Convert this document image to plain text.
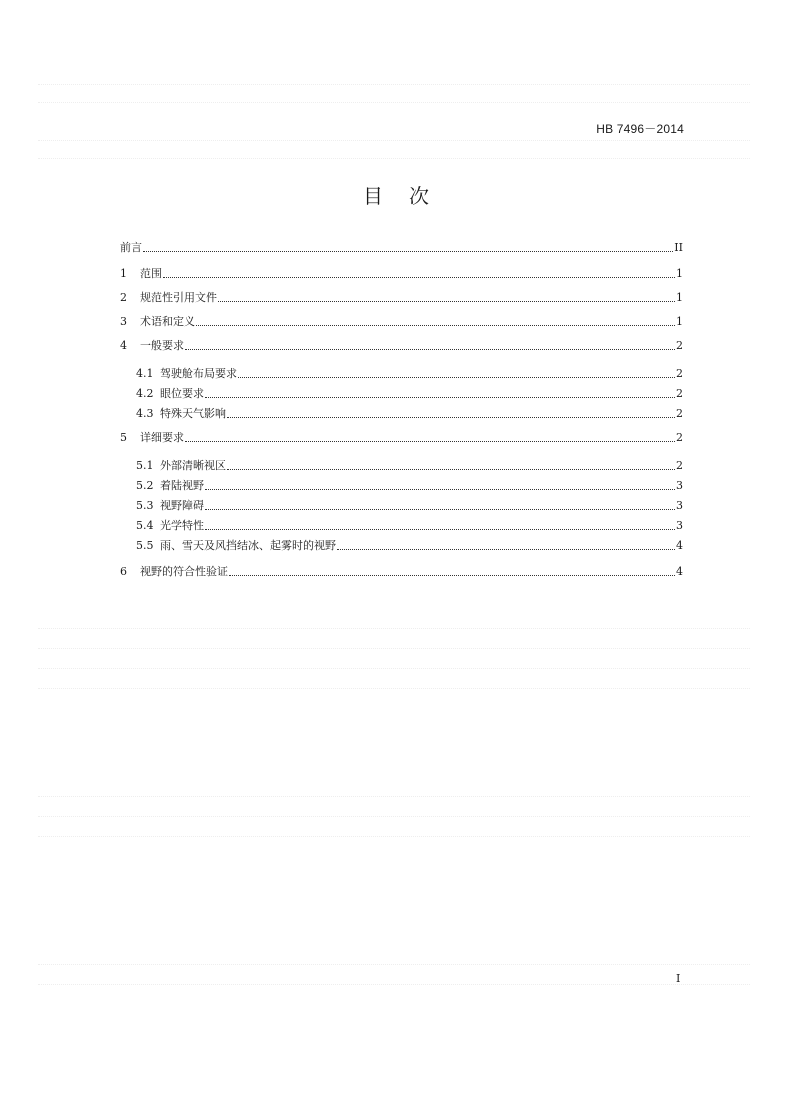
HB 7496－2014
目次
前言	II
1	范围	1
2	规范性引用文件	1
3	术语和定义	1
4	一般要求	2
4.1 驾驶舱布局要求	2
4.2 眼位要求	2
4.3 特殊天气影响	2
5	详细要求	2
5.1 外部清晰视区	2
5.2 着陆视野	3
5.3 视野障碍	3
5.4 光学特性	3
5.5 雨、雪天及风挡结冰、起雾时的视野	4
6	视野的符合性验证	4
I
